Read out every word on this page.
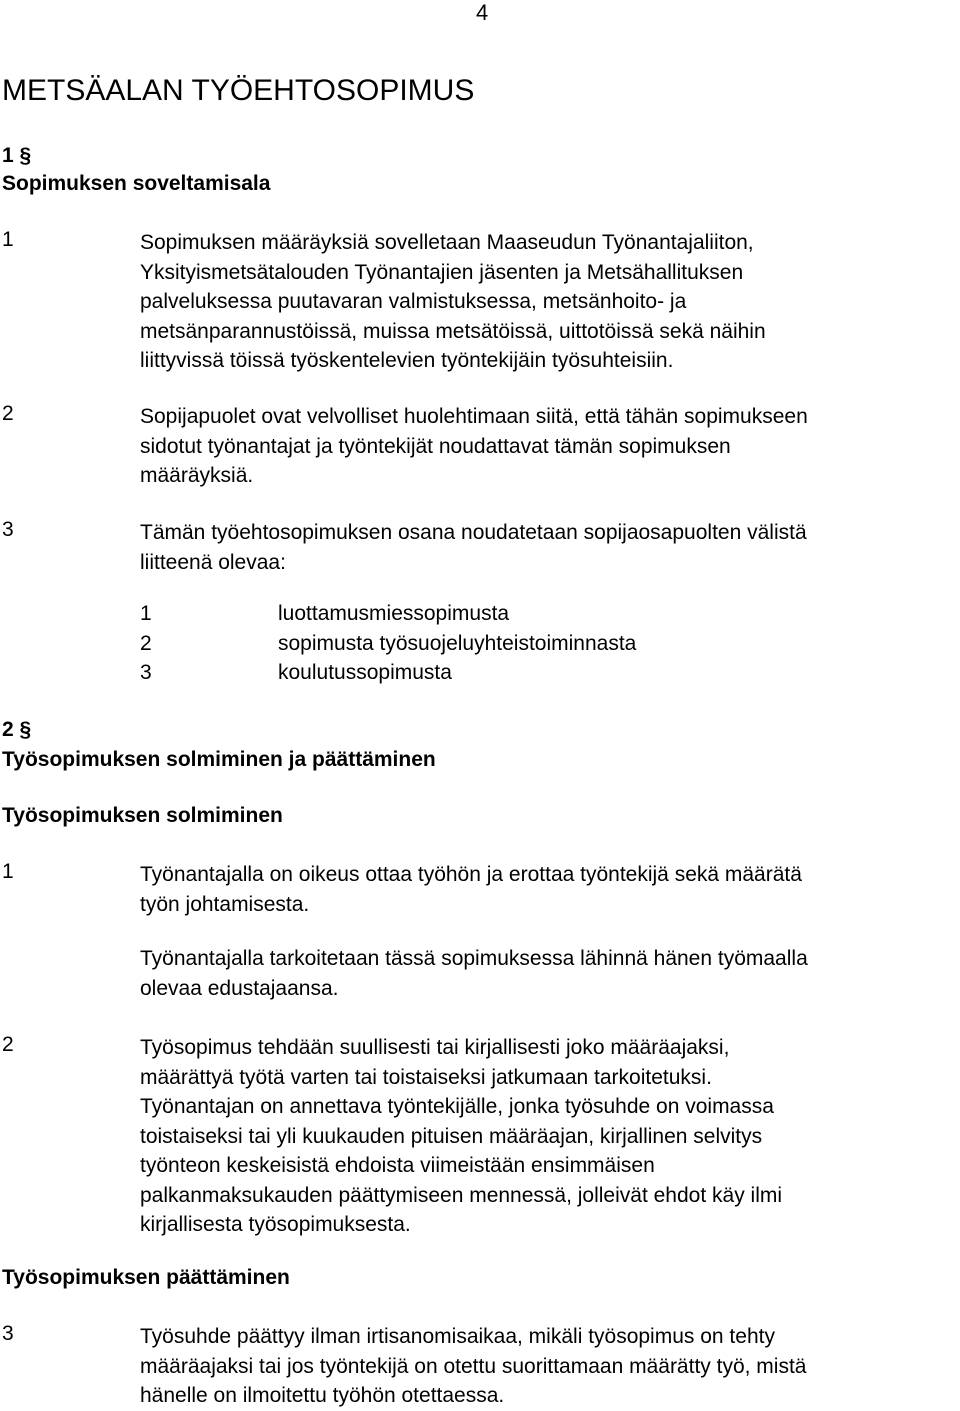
4
METSÄALAN TYÖEHTOSOPIMUS
1 §
Sopimuksen soveltamisala
1	Sopimuksen määräyksiä sovelletaan Maaseudun Työnantajaliiton,
Yksityismetsätalouden Työnantajien jäsenten ja Metsähallituksen
palveluksessa puutavaran valmistuksessa, metsänhoito- ja
metsänparannustöissä, muissa metsätöissä, uittotöissä sekä näihin
liittyvissä töissä työskentelevien työntekijäin työsuhteisiin.
2	Sopijapuolet ovat velvolliset huolehtimaan siitä, että tähän sopimukseen
sidotut työnantajat ja työntekijät noudattavat tämän sopimuksen
määräyksiä.
3	Tämän työehtosopimuksen osana noudatetaan sopijaosapuolten välistä
liitteenä olevaa:
1	luottamusmiessopimusta
2	sopimusta työsuojeluyhteistoiminnasta
3	koulutussopimusta
2 §
Työsopimuksen solmiminen ja päättäminen
Työsopimuksen solmiminen
1	Työnantajalla on oikeus ottaa työhön ja erottaa työntekijä sekä määrätä
työn johtamisesta.
Työnantajalla tarkoitetaan tässä sopimuksessa lähinnä hänen työmaalla
olevaa edustajaansa.
2	Työsopimus tehdään suullisesti tai kirjallisesti joko määräajaksi,
määrättyä työtä varten tai toistaiseksi jatkumaan tarkoitetuksi.
Työnantajan on annettava työntekijälle, jonka työsuhde on voimassa
toistaiseksi tai yli kuukauden pituisen määräajan, kirjallinen selvitys
työnteon keskeisistä ehdoista viimeistään ensimmäisen
palkanmaksukauden päättymiseen mennessä, jolleivät ehdot käy ilmi
kirjallisesta työsopimuksesta.
Työsopimuksen päättäminen
3	Työsuhde päättyy ilman irtisanomisaikaa, mikäli työsopimus on tehty
määräajaksi tai jos työntekijä on otettu suorittamaan määrätty työ, mistä
hänelle on ilmoitettu työhön otettaessa.
